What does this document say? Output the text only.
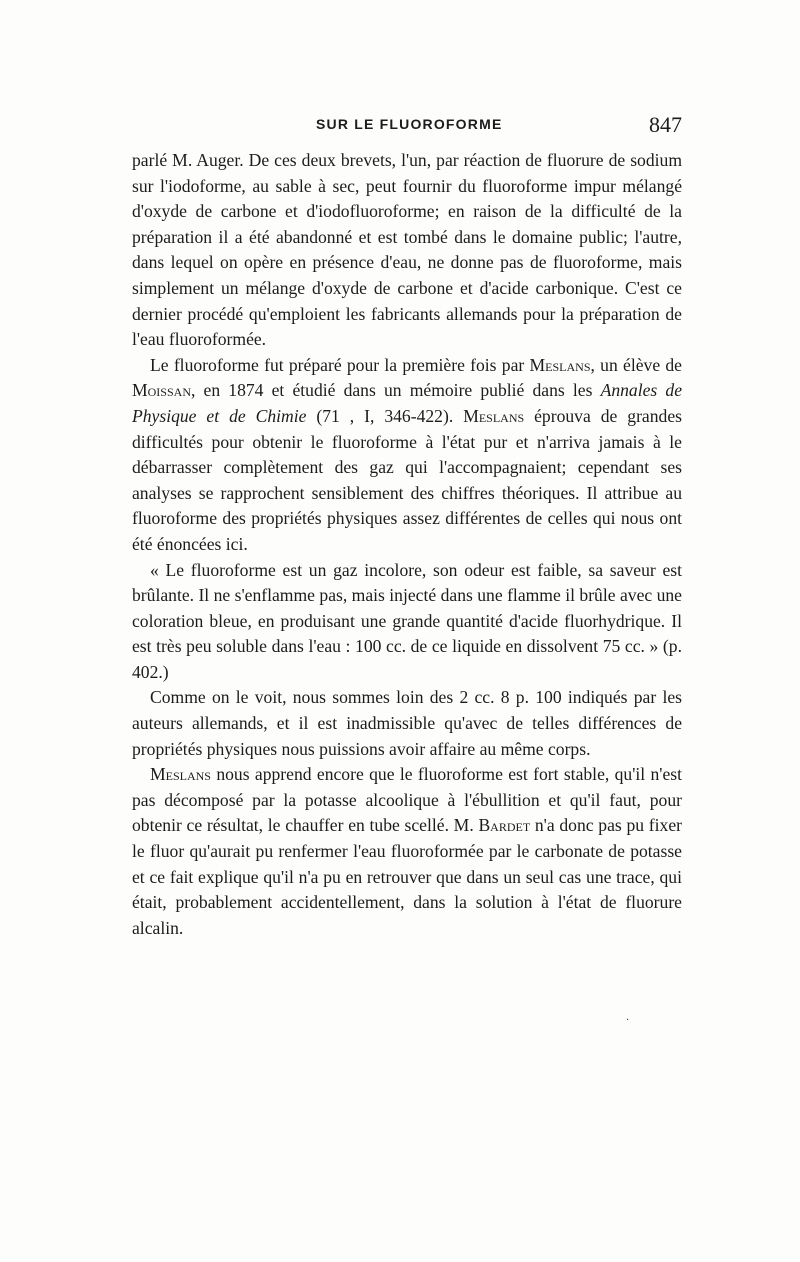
SUR LE FLUOROFORME	847

parlé M. Auger. De ces deux brevets, l'un, par réaction de fluorure de sodium sur l'iodoforme, au sable à sec, peut fournir du fluoroforme impur mélangé d'oxyde de carbone et d'iodofluoroforme; en raison de la difficulté de la préparation il a été abandonné et est tombé dans le domaine public; l'autre, dans lequel on opère en présence d'eau, ne donne pas de fluoroforme, mais simplement un mélange d'oxyde de carbone et d'acide carbonique. C'est ce dernier procédé qu'emploient les fabricants allemands pour la préparation de l'eau fluoroformée.

Le fluoroforme fut préparé pour la première fois par Meslans, un élève de Moissan, en 1874 et étudié dans un mémoire publié dans les Annales de Physique et de Chimie (71 , I, 346-422). Meslans éprouva de grandes difficultés pour obtenir le fluoroforme à l'état pur et n'arriva jamais à le débarrasser complètement des gaz qui l'accompagnaient; cependant ses analyses se rapprochent sensiblement des chiffres théoriques. Il attribue au fluoroforme des propriétés physiques assez différentes de celles qui nous ont été énoncées ici.

« Le fluoroforme est un gaz incolore, son odeur est faible, sa saveur est brûlante. Il ne s'enflamme pas, mais injecté dans une flamme il brûle avec une coloration bleue, en produisant une grande quantité d'acide fluorhydrique. Il est très peu soluble dans l'eau : 100 cc. de ce liquide en dissolvent 75 cc. » (p. 402.)

Comme on le voit, nous sommes loin des 2 cc. 8 p. 100 indiqués par les auteurs allemands, et il est inadmissible qu'avec de telles différences de propriétés physiques nous puissions avoir affaire au même corps.

Meslans nous apprend encore que le fluoroforme est fort stable, qu'il n'est pas décomposé par la potasse alcoolique à l'ébullition et qu'il faut, pour obtenir ce résultat, le chauffer en tube scellé. M. Bardet n'a donc pas pu fixer le fluor qu'aurait pu renfermer l'eau fluoroformée par le carbonate de potasse et ce fait explique qu'il n'a pu en retrouver que dans un seul cas une trace, qui était, probablement accidentellement, dans la solution à l'état de fluorure alcalin.

.
